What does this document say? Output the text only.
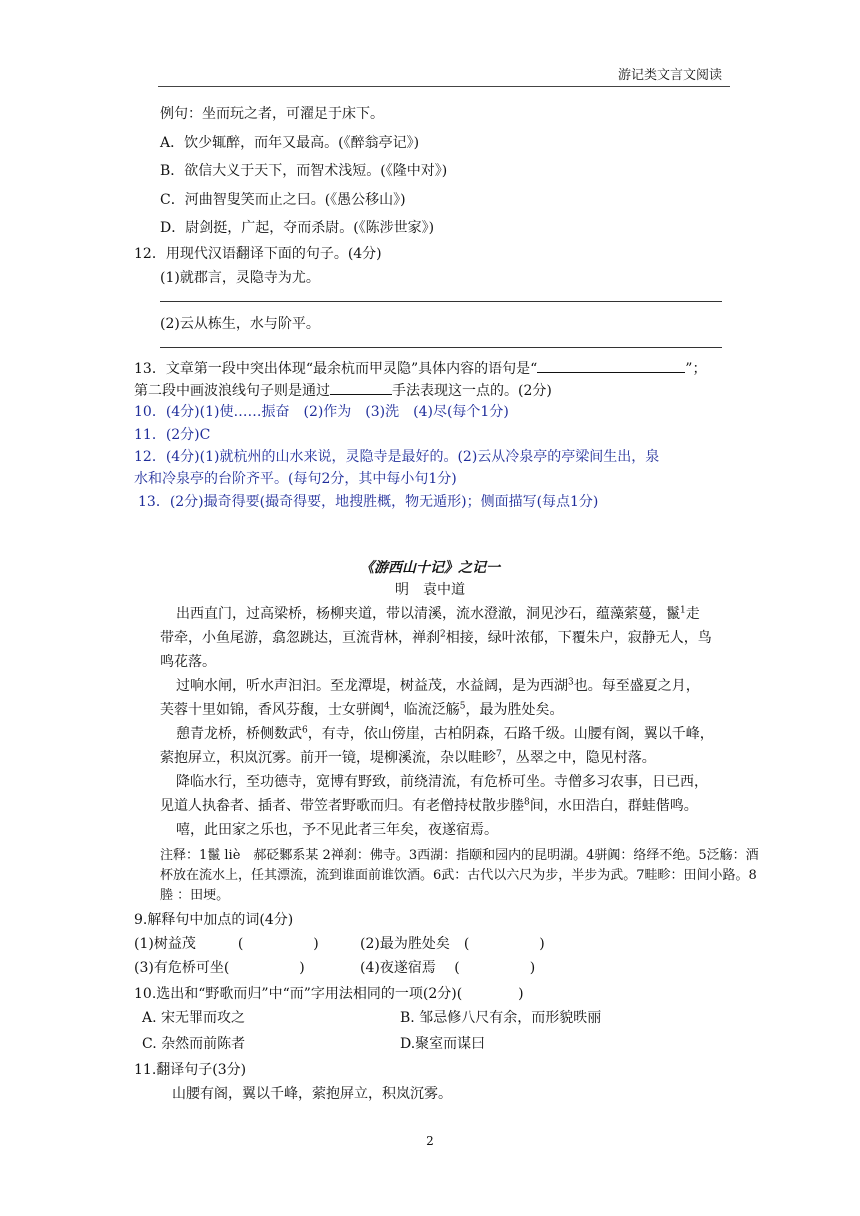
游记类文言文阅读
例句：坐而玩之者，可濯足于床下。
A．饮少辄醉，而年又最高。(《醉翁亭记》)
B．欲信大义于天下，而智术浅短。(《隆中对》)
C．河曲智叟笑而止之曰。(《愚公移山》)
D．尉剑挺，广起，夺而杀尉。(《陈涉世家》)
12．用现代汉语翻译下面的句子。(4分)
(1)就郡言，灵隐寺为尤。
(2)云从栋生，水与阶平。
13．文章第一段中突出体现“最余杭而甲灵隐”具体内容的语句是“	”；
第二段中画波浪线句子则是通过	手法表现这一点的。(2分)
10．(4分)(1)使……振奋　(2)作为　(3)洗　(4)尽(每个1分)
11．(2分)C
12．(4分)(1)就杭州的山水来说，灵隐寺是最好的。(2)云从冷泉亭的亭梁间生出，泉
水和冷泉亭的台阶齐平。(每句2分，其中每小句1分)
13．(2分)撮奇得要(撮奇得要，地搜胜概，物无遁形)；侧面描写(每点1分)
《游西山十记》之记一
明　袁中道
出西直门，过高梁桥，杨柳夹道，带以清溪，流水澄澈，洞见沙石，蕴藻萦蔓，鬣$^1$走
带牵，小鱼尾游，翕忽跳达，亘流背林，禅刹$^2$相接，绿叶浓郁，下覆朱户，寂静无人，鸟
鸣花落。
过响水闸，听水声汩汩。至龙潭堤，树益茂，水益阔，是为西湖$^3$也。每至盛夏之月，
芙蓉十里如锦，香风芬馥，士女骈阗$^4$，临流泛觞$^5$，最为胜处矣。
憩青龙桥，桥侧数武$^6$，有寺，依山傍崖，古柏阴森，石路千级。山腰有阁，翼以千峰，
萦抱屏立，积岚沉雾。前开一镜，堤柳溪流，杂以畦畛$^7$，丛翠之中，隐见村落。
降临水行，至功德寺，宽博有野致，前绕清流，有危桥可坐。寺僧多习农事，日已西，
见道人执畚者、插者、带笠者野歌而归。有老僧持杖散步塍$^8$间，水田浩白，群蛙偕鸣。
嘻，此田家之乐也，予不见此者三年矣，夜遂宿焉。
注释：1鬣 liè　郝砭鄹系某 2禅刹：佛寺。3西湖：指颐和园内的昆明湖。4骈阗：络绎不绝。5泛觞：酒
杯放在流水上，任其漂流，流到谁面前谁饮酒。6武：古代以六尺为步，半步为武。7畦畛：田间小路。8
塍 ：田埂。
9.解释句中加点的词(4分)
(1)树益茂　　　(　　　　　)	(2)最为胜处矣　(　　　　　)
(3)有危桥可坐(　　　　　)	(4)夜遂宿焉　 (　　　　　)
10.选出和“野歌而归”中“而”字用法相同的一项(2分)(　　　　)
A. 宋无罪而攻之	B. 邹忌修八尺有余，而形貌昳丽
C. 杂然而前陈者	D.聚室而谋曰
11.翻译句子(3分)
山腰有阁，翼以千峰，萦抱屏立，积岚沉雾。
2
